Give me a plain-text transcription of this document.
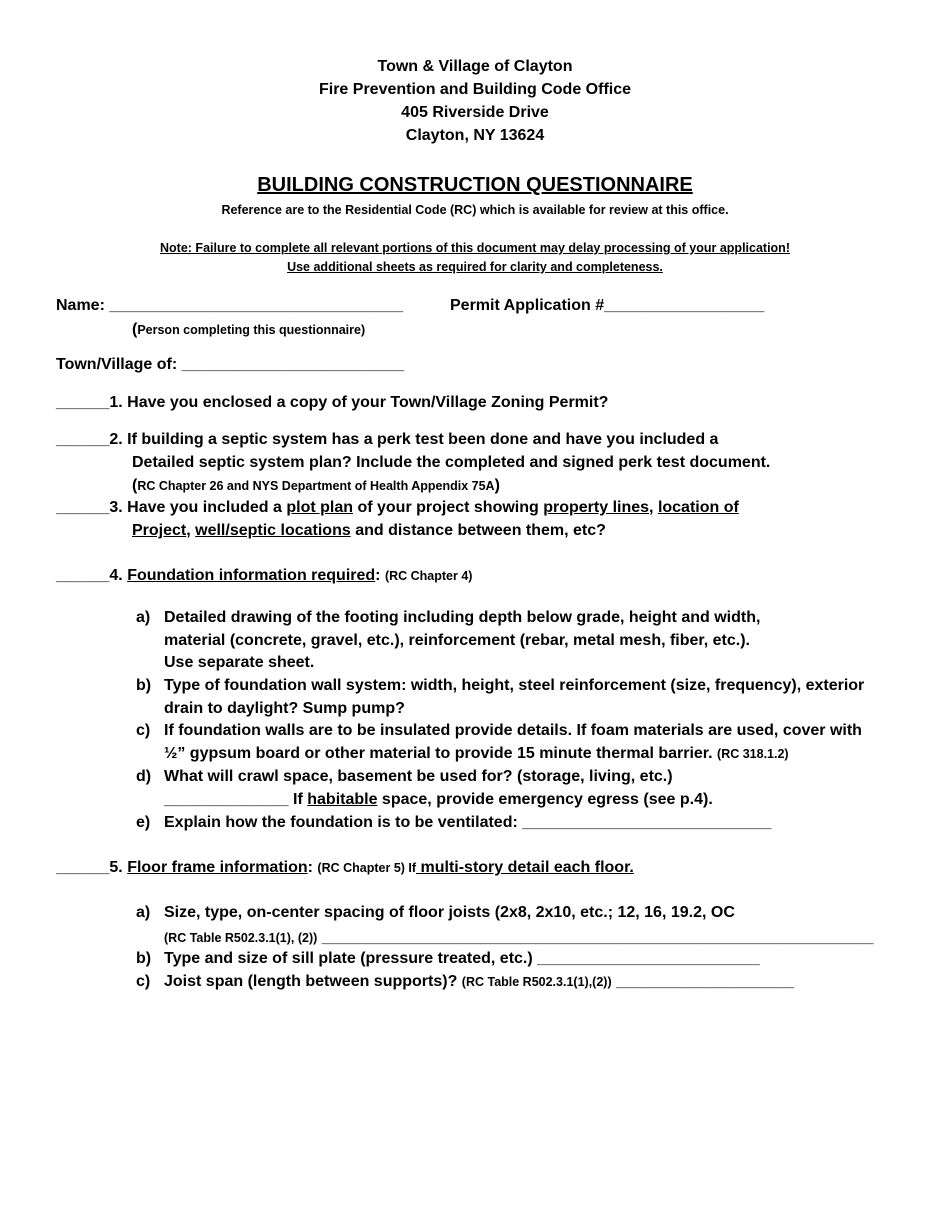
Town & Village of Clayton
Fire Prevention and Building Code Office
405 Riverside Drive
Clayton, NY 13624
BUILDING CONSTRUCTION QUESTIONNAIRE
Reference are to the Residential Code (RC) which is available for review at this office.
Note: Failure to complete all relevant portions of this document may delay processing of your application!
Use additional sheets as required for clarity and completeness.
Name: _________________________________	Permit Application #__________________
(Person completing this questionnaire)
Town/Village of: _________________________
______1. Have you enclosed a copy of your Town/Village Zoning Permit?
______2. If building a septic system has a perk test been done and have you included a
Detailed septic system plan? Include the completed and signed perk test document.
(RC Chapter 26 and NYS Department of Health Appendix 75A)
______3. Have you included a plot plan of your project showing property lines, location of
Project, well/septic locations and distance between them, etc?
______4. Foundation information required: (RC Chapter 4)
a) Detailed drawing of the footing including depth below grade, height and width,
material (concrete, gravel, etc.), reinforcement (rebar, metal mesh, fiber, etc.).
Use separate sheet.
b) Type of foundation wall system: width, height, steel reinforcement (size, frequency), exterior
drain to daylight? Sump pump?
c) If foundation walls are to be insulated provide details. If foam materials are used, cover with
½” gypsum board or other material to provide 15 minute thermal barrier. (RC 318.1.2)
d) What will crawl space, basement be used for? (storage, living, etc.)
______________ If habitable space, provide emergency egress (see p.4).
e) Explain how the foundation is to be ventilated: ____________________________
______5. Floor frame information: (RC Chapter 5) If multi-story detail each floor.
a) Size, type, on-center spacing of floor joists (2x8, 2x10, etc.; 12, 16, 19.2, OC
(RC Table R502.3.1(1), (2)) ______________________________________________________________
b) Type and size of sill plate (pressure treated, etc.) _________________________
c) Joist span (length between supports)? (RC Table R502.3.1(1),(2)) ____________________
